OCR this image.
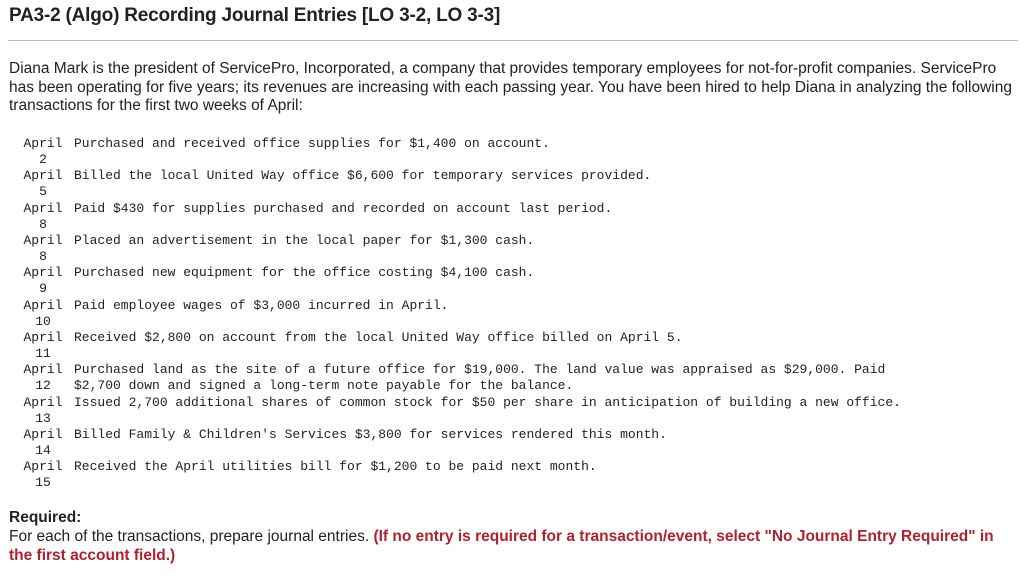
PA3-2 (Algo) Recording Journal Entries [LO 3-2, LO 3-3]
Diana Mark is the president of ServicePro, Incorporated, a company that provides temporary employees for not-for-profit companies. ServicePro has been operating for five years; its revenues are increasing with each passing year. You have been hired to help Diana in analyzing the following transactions for the first two weeks of April:
April
2	Purchased and received office supplies for $1,400 on account.
April
5	Billed the local United Way office $6,600 for temporary services provided.
April
8	Paid $430 for supplies purchased and recorded on account last period.
April
8	Placed an advertisement in the local paper for $1,300 cash.
April
9	Purchased new equipment for the office costing $4,100 cash.
April
10	Paid employee wages of $3,000 incurred in April.
April
11	Received $2,800 on account from the local United Way office billed on April 5.
April
12	Purchased land as the site of a future office for $19,000. The land value was appraised as $29,000. Paid
$2,700 down and signed a long-term note payable for the balance.
April
13	Issued 2,700 additional shares of common stock for $50 per share in anticipation of building a new office.
April
14	Billed Family & Children's Services $3,800 for services rendered this month.
April
15	Received the April utilities bill for $1,200 to be paid next month.
Required:
For each of the transactions, prepare journal entries. (If no entry is required for a transaction/event, select "No Journal Entry Required" in the first account field.)
